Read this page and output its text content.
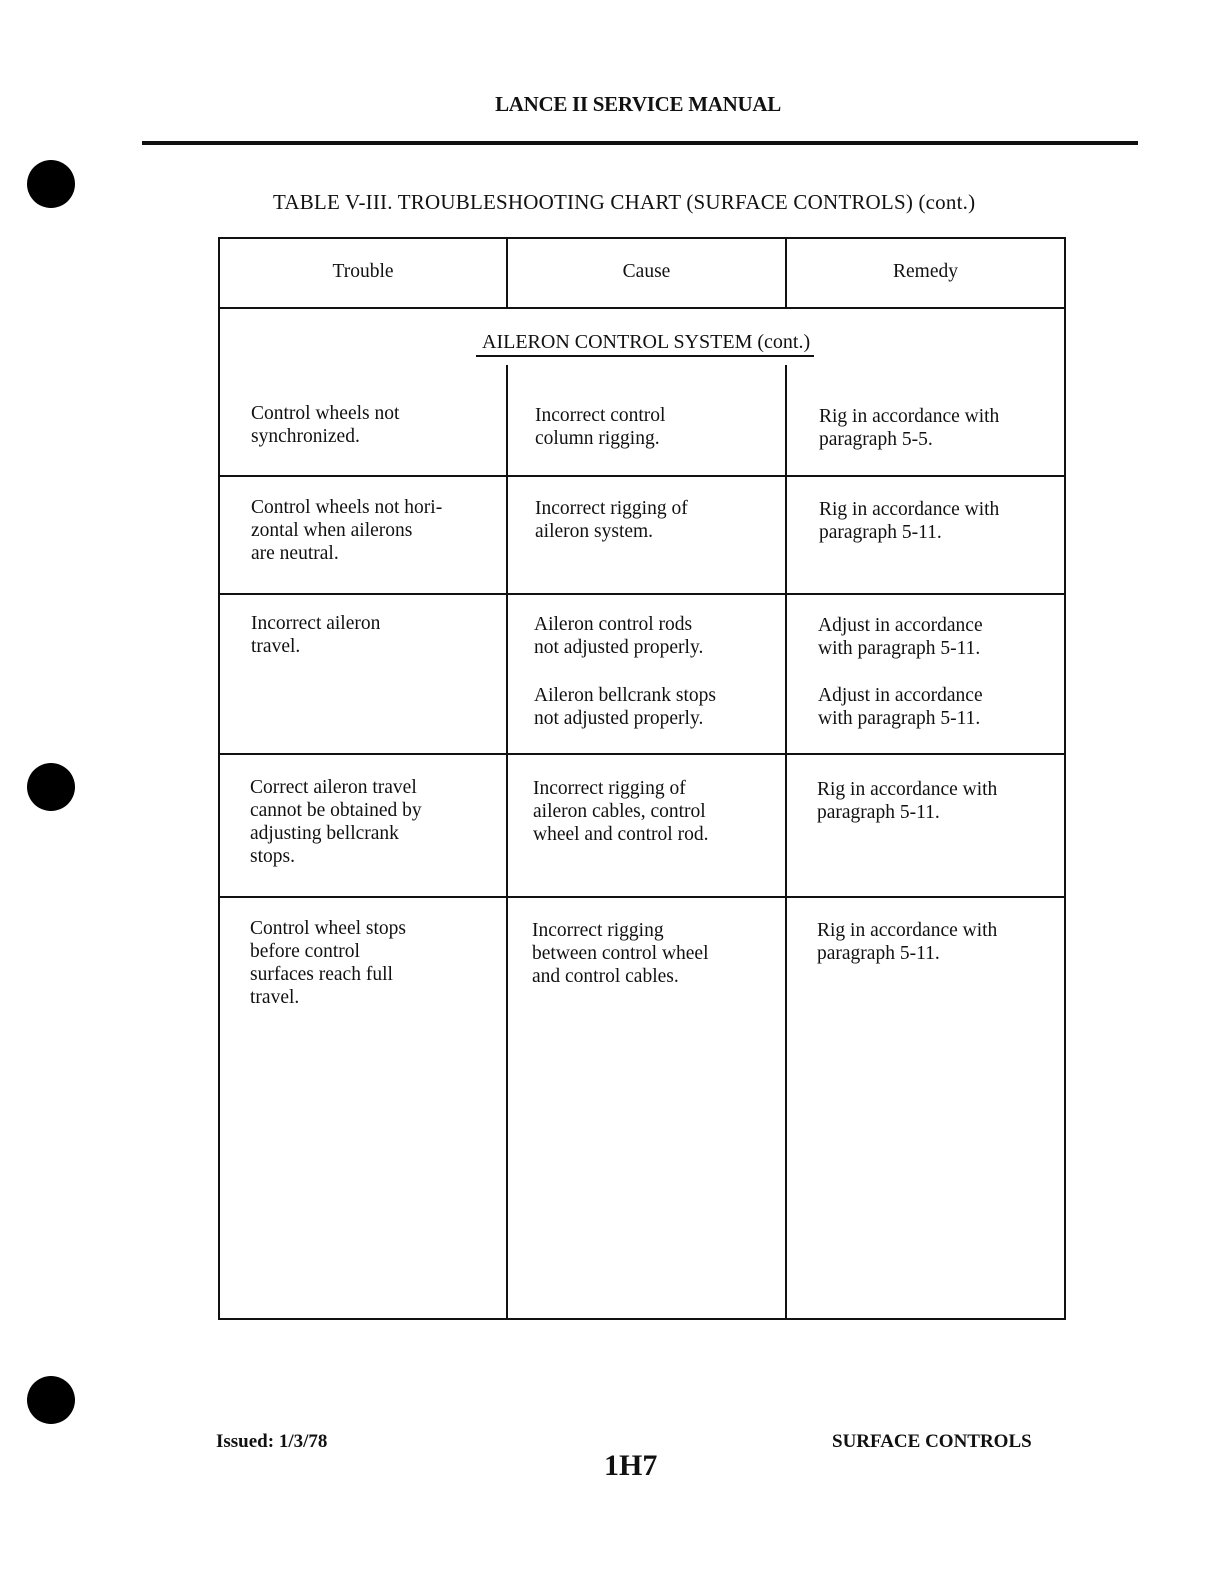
LANCE II SERVICE MANUAL
TABLE V-III. TROUBLESHOOTING CHART (SURFACE CONTROLS) (cont.)
Trouble	Cause	Remedy
AILERON CONTROL SYSTEM (cont.)
Control wheels not
synchronized.
Incorrect control
column rigging.
Rig in accordance with
paragraph 5-5.
Control wheels not hori-
zontal when ailerons
are neutral.
Incorrect rigging of
aileron system.
Rig in accordance with
paragraph 5-11.
Incorrect aileron
travel.
Aileron control rods
not adjusted properly.
Adjust in accordance
with paragraph 5-11.
Aileron bellcrank stops
not adjusted properly.
Adjust in accordance
with paragraph 5-11.
Correct aileron travel
cannot be obtained by
adjusting bellcrank
stops.
Incorrect rigging of
aileron cables, control
wheel and control rod.
Rig in accordance with
paragraph 5-11.
Control wheel stops
before control
surfaces reach full
travel.
Incorrect rigging
between control wheel
and control cables.
Rig in accordance with
paragraph 5-11.
Issued: 1/3/78
1H7
SURFACE CONTROLS
